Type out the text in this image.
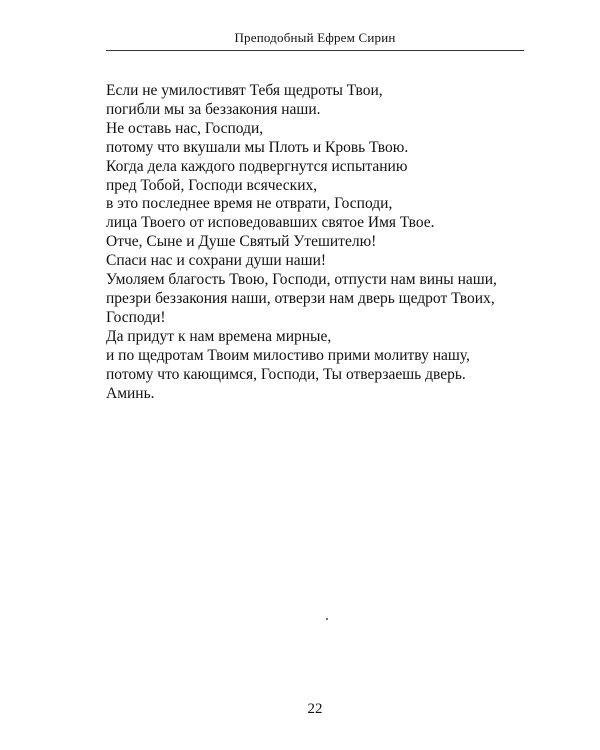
Преподобный Ефрем Сирин
Если не умилостивят Тебя щедроты Твои,
погибли мы за беззакония наши.
Не оставь нас, Господи,
потому что вкушали мы Плоть и Кровь Твою.
Когда дела каждого подвергнутся испытанию
пред Тобой, Господи всяческих,
в это последнее время не отврати, Господи,
лица Твоего от исповедовавших святое Имя Твое.
Отче, Сыне и Душе Святый Утешителю!
Спаси нас и сохрани души наши!
Умоляем благость Твою, Господи, отпусти нам вины наши,
презри беззакония наши, отверзи нам дверь щедрот Твоих,
Господи!
Да придут к нам времена мирные,
и по щедротам Твоим милостиво прими молитву нашу,
потому что кающимся, Господи, Ты отверзаешь дверь.
Аминь.
22
